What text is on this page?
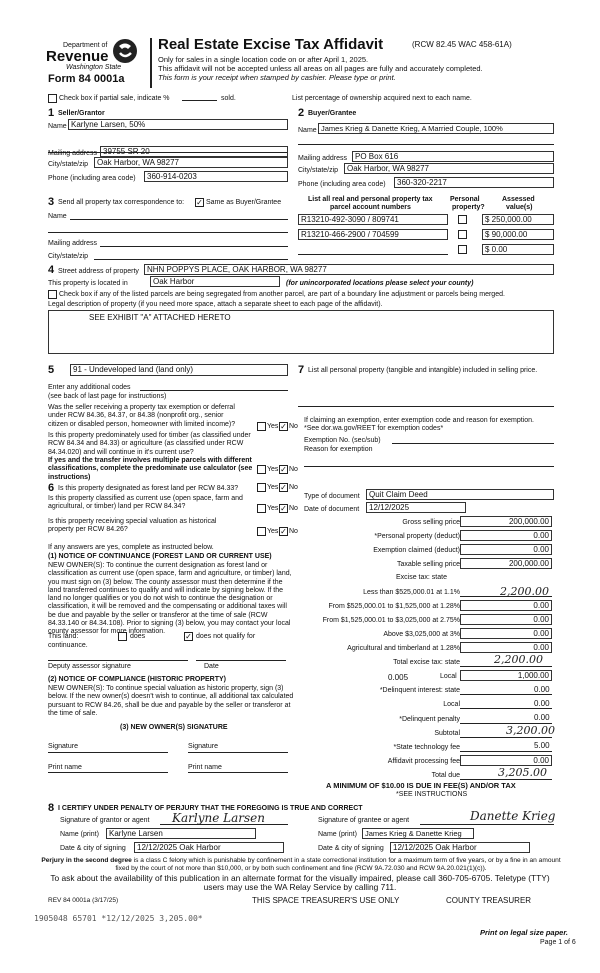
Department of
Revenue
Washington State
Form 84 0001a
Real Estate Excise Tax Affidavit	(RCW 82.45 WAC 458-61A)
Only for sales in a single location code on or after April 1, 2025.
This affidavit will not be accepted unless all areas on all pages are fully and accurately completed.
This form is your receipt when stamped by cashier. Please type or print.
Check box if partial sale, indicate %	sold.	List percentage of ownership acquired next to each name.
1 Seller/Grantor
Name Karlyne Larsen, 50%
Mailing address 39755 SR 20
City/state/zip	Oak Harbor, WA 98277
Phone (including area code)	360-914-0203
2 Buyer/Grantee
Name James Krieg & Danette Krieg, A Married Couple, 100%
Mailing address PO Box 616
City/state/zip	Oak Harbor, WA 98277
Phone (including area code)	360-320-2217
3 Send all property tax correspondence to: ✓ Same as Buyer/Grantee
Name
Mailing address
City/state/zip
List all real and personal property tax
parcel account numbers
Personal
property?
Assessed
value(s)
R13210-492-3090 / 809741	$ 250,000.00
R13210-466-2900 / 704599	$ 90,000.00
$ 0.00
4 Street address of property	NHN POPPYS PLACE, OAK HARBOR, WA 98277
This property is located in	Oak Harbor	(for unincorporated locations please select your county)
Check box if any of the listed parcels are being segregated from another parcel, are part of a boundary line adjustment or parcels being merged.
Legal description of property (if you need more space, attach a separate sheet to each page of the affidavit).
SEE EXHIBIT "A" ATTACHED HERETO
5	91 - Undeveloped land (land only)
Enter any additional codes
(see back of last page for instructions)
Was the seller receiving a property tax exemption or deferral under RCW 84.36, 84.37, or 84.38 (nonprofit org., senior citizen or disabled person, homeowner with limited income)?	Yes ✓ No
Is this property predominately used for timber (as classified under RCW 84.34 and 84.33) or agriculture (as classified under RCW 84.34.020) and will continue in it's current use?
If yes and the transfer involves multiple parcels with different classifications, complete the predominate use calculator (see instructions)
Yes ✓ No
6 Is this property designated as forest land per RCW 84.33?	Yes ✓ No
Is this property classified as current use (open space, farm and agricultural, or timber) land per RCW 84.34?	Yes ✓ No
Is this property receiving special valuation as historical property per RCW 84.26?	Yes ✓ No
If any answers are yes, complete as instructed below.
(1) NOTICE OF CONTINUANCE (FOREST LAND OR CURRENT USE)
NEW OWNER(S): To continue the current designation as forest land or classification as current use (open space, farm and agriculture, or timber) land, you must sign on (3) below. The county assessor must then determine if the land transferred continues to qualify and will indicate by signing below. If the land no longer qualifies or you do not wish to continue the designation or classification, it will be removed and the compensating or additional taxes will be due and payable by the seller or transferor at the time of sale (RCW 84.33.140 or 84.34.108). Prior to signing (3) below, you may contact your local county assessor for more information.
This land:	does	✓ does not qualify for
continuance.
Deputy assessor signature	Date
(2) NOTICE OF COMPLIANCE (HISTORIC PROPERTY)
NEW OWNER(S): To continue special valuation as historic property, sign (3) below. If the new owner(s) doesn't wish to continue, all additional tax calculated pursuant to RCW 84.26, shall be due and payable by the seller or transferor at the time of sale.
(3) NEW OWNER(S) SIGNATURE
Signature	Signature
Print name	Print name
7 List all personal property (tangible and intangible) included in selling price.
If claiming an exemption, enter exemption code and reason for exemption. *See dor.wa.gov/REET for exemption codes*
Exemption No. (sec/sub)
Reason for exemption
Type of document	Quit Claim Deed
Date of document	12/12/2025
Gross selling price	200,000.00
*Personal property (deduct)	0.00
Exemption claimed (deduct)	0.00
Taxable selling price	200,000.00
Excise tax: state
Less than $525,000.01 at 1.1%	2,200.00
From $525,000.01 to $1,525,000 at 1.28%	0.00
From $1,525,000.01 to $3,025,000 at 2.75%	0.00
Above $3,025,000 at 3%	0.00
Agricultural and timberland at 1.28%	0.00
Total excise tax: state	2,200.00
0.005	Local	1,000.00
*Delinquent interest: state	0.00
Local	0.00
*Delinquent penalty	0.00
Subtotal	3,200.00
*State technology fee	5.00
Affidavit processing fee	0.00
Total due	3,205.00
A MINIMUM OF $10.00 IS DUE IN FEE(S) AND/OR TAX
*SEE INSTRUCTIONS
8 I CERTIFY UNDER PENALTY OF PERJURY THAT THE FOREGOING IS TRUE AND CORRECT
Signature of grantor or agent Karlyne Larsen
Name (print)	Karlyne Larsen
Date & city of signing	12/12/2025 Oak Harbor
Signature of grantee or agent	Danette Krieg
Name (print)	James Krieg & Danette Krieg
Date & city of signing	12/12/2025 Oak Harbor
Perjury in the second degree is a class C felony which is punishable by confinement in a state correctional institution for a maximum term of five years, or by a fine in an amount fixed by the court of not more than $10,000, or by both such confinement and fine (RCW 9A.72.030 and RCW 9A.20.021(1)(c)).
To ask about the availability of this publication in an alternate format for the visually impaired, please call 360-705-6705. Teletype (TTY) users may use the WA Relay Service by calling 711.
REV 84 0001a (3/17/25)	THIS SPACE TREASURER'S USE ONLY	COUNTY TREASURER
1905048 65701 *12/12/2025 3,205.00*
Print on legal size paper.
Page 1 of 6
